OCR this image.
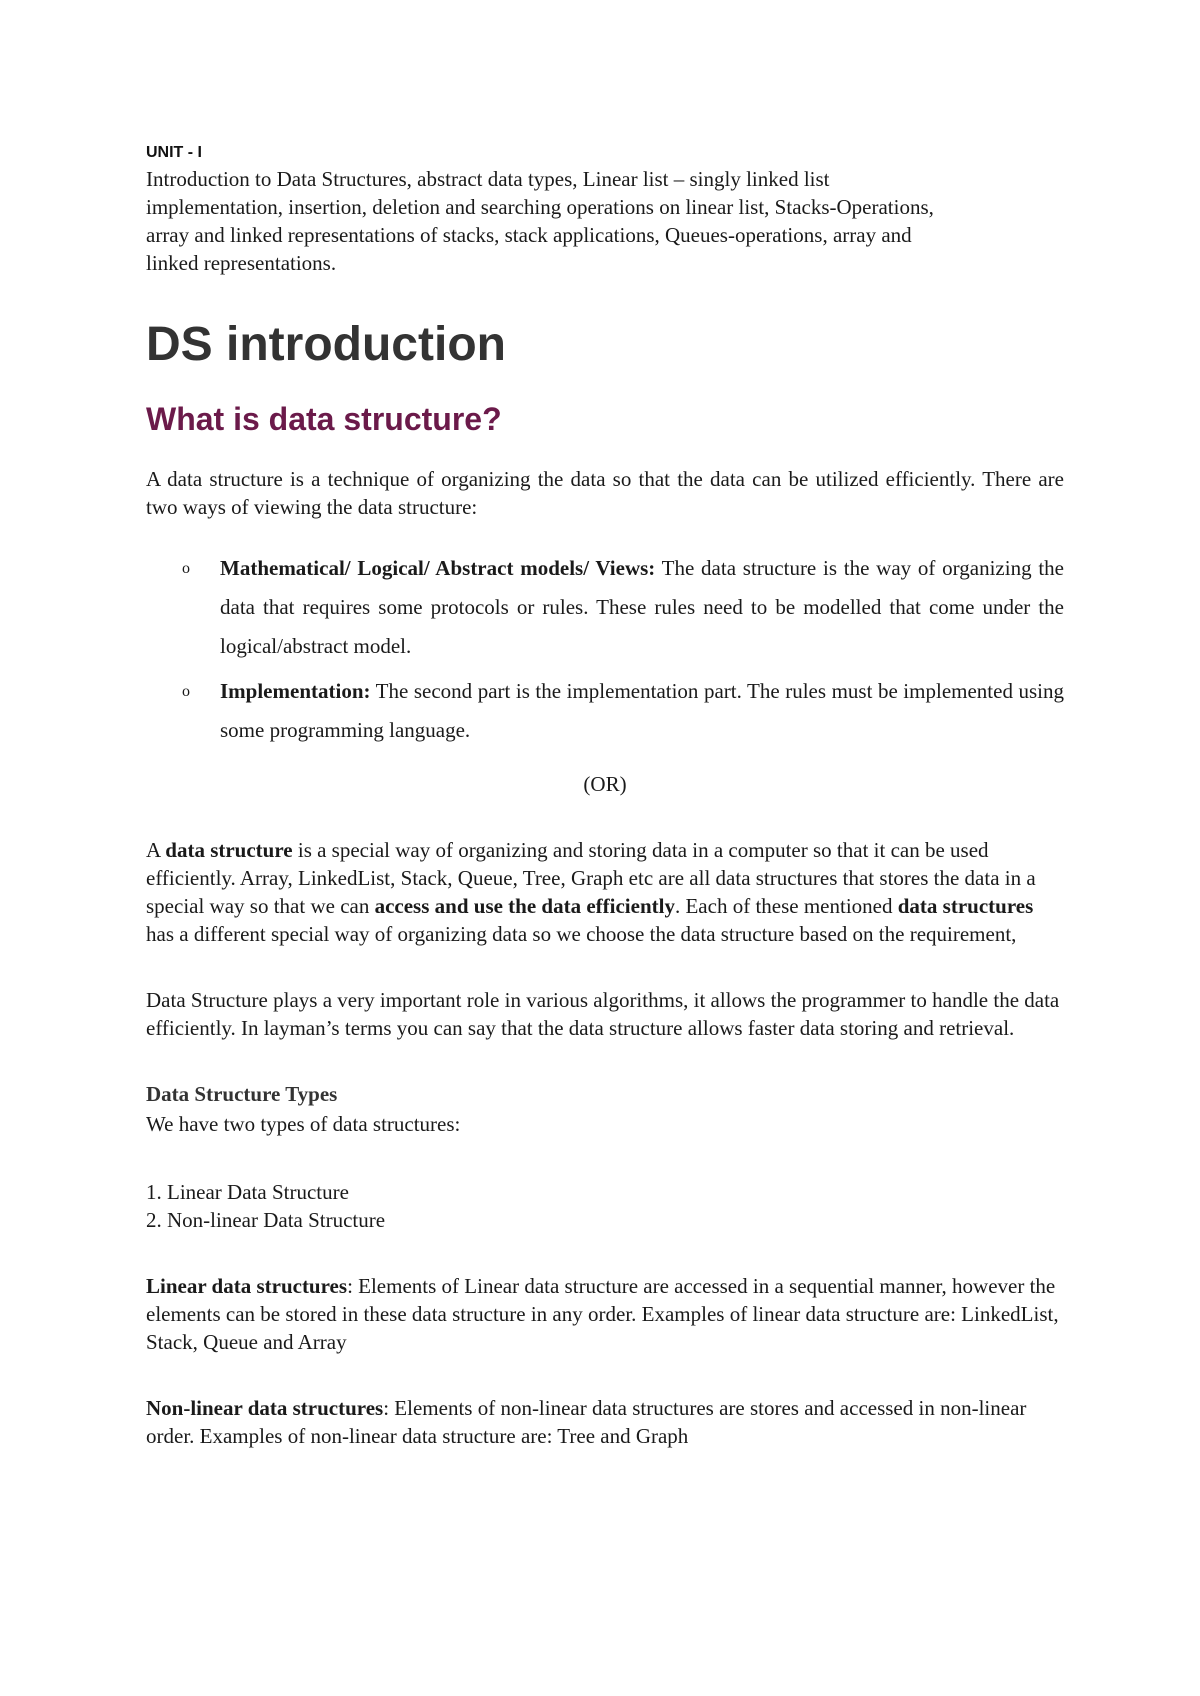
UNIT - I

Introduction to Data Structures, abstract data types, Linear list – singly linked list implementation, insertion, deletion and searching operations on linear list, Stacks-Operations, array and linked representations of stacks, stack applications, Queues-operations, array and linked representations.

DS introduction
What is data structure?

A data structure is a technique of organizing the data so that the data can be utilized efficiently. There are two ways of viewing the data structure:

o Mathematical/ Logical/ Abstract models/ Views: The data structure is the way of organizing the data that requires some protocols or rules. These rules need to be modelled that come under the logical/abstract model.
o Implementation: The second part is the implementation part. The rules must be implemented using some programming language.
(OR)

A data structure is a special way of organizing and storing data in a computer so that it can be used efficiently. Array, LinkedList, Stack, Queue, Tree, Graph etc are all data structures that stores the data in a special way so that we can access and use the data efficiently. Each of these mentioned data structures has a different special way of organizing data so we choose the data structure based on the requirement,

Data Structure plays a very important role in various algorithms, it allows the programmer to handle the data efficiently. In layman’s terms you can say that the data structure allows faster data storing and retrieval.

Data Structure Types
We have two types of data structures:
1. Linear Data Structure
2. Non-linear Data Structure

Linear data structures: Elements of Linear data structure are accessed in a sequential manner, however the elements can be stored in these data structure in any order. Examples of linear data structure are: LinkedList, Stack, Queue and Array

Non-linear data structures: Elements of non-linear data structures are stores and accessed in non-linear order. Examples of non-linear data structure are: Tree and Graph
